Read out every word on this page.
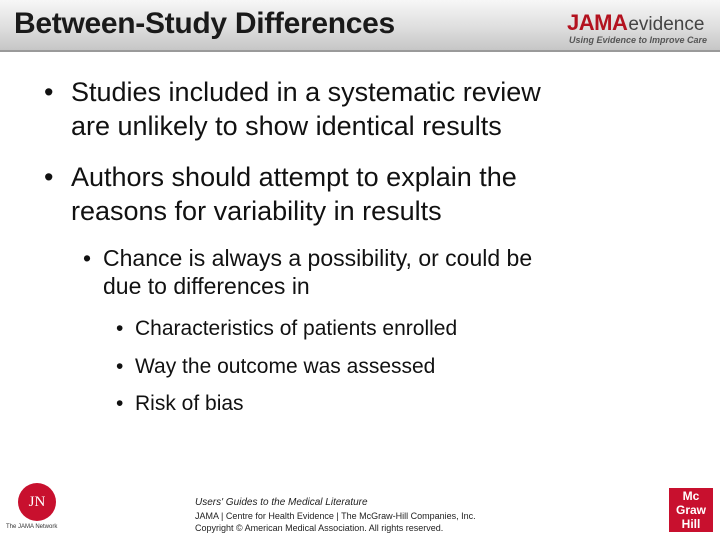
Between-Study Differences	JAMAevidence
Using Evidence to Improve Care
• Studies included in a systematic review
are unlikely to show identical results
• Authors should attempt to explain the
reasons for variability in results
• Chance is always a possibility, or could be
due to differences in
• Characteristics of patients enrolled
• Way the outcome was assessed
• Risk of bias
JN
The JAMA Network
Users' Guides to the Medical Literature
JAMA | Centre for Health Evidence | The McGraw-Hill Companies, Inc.
Copyright © American Medical Association. All rights reserved.
Mc
Graw
Hill
